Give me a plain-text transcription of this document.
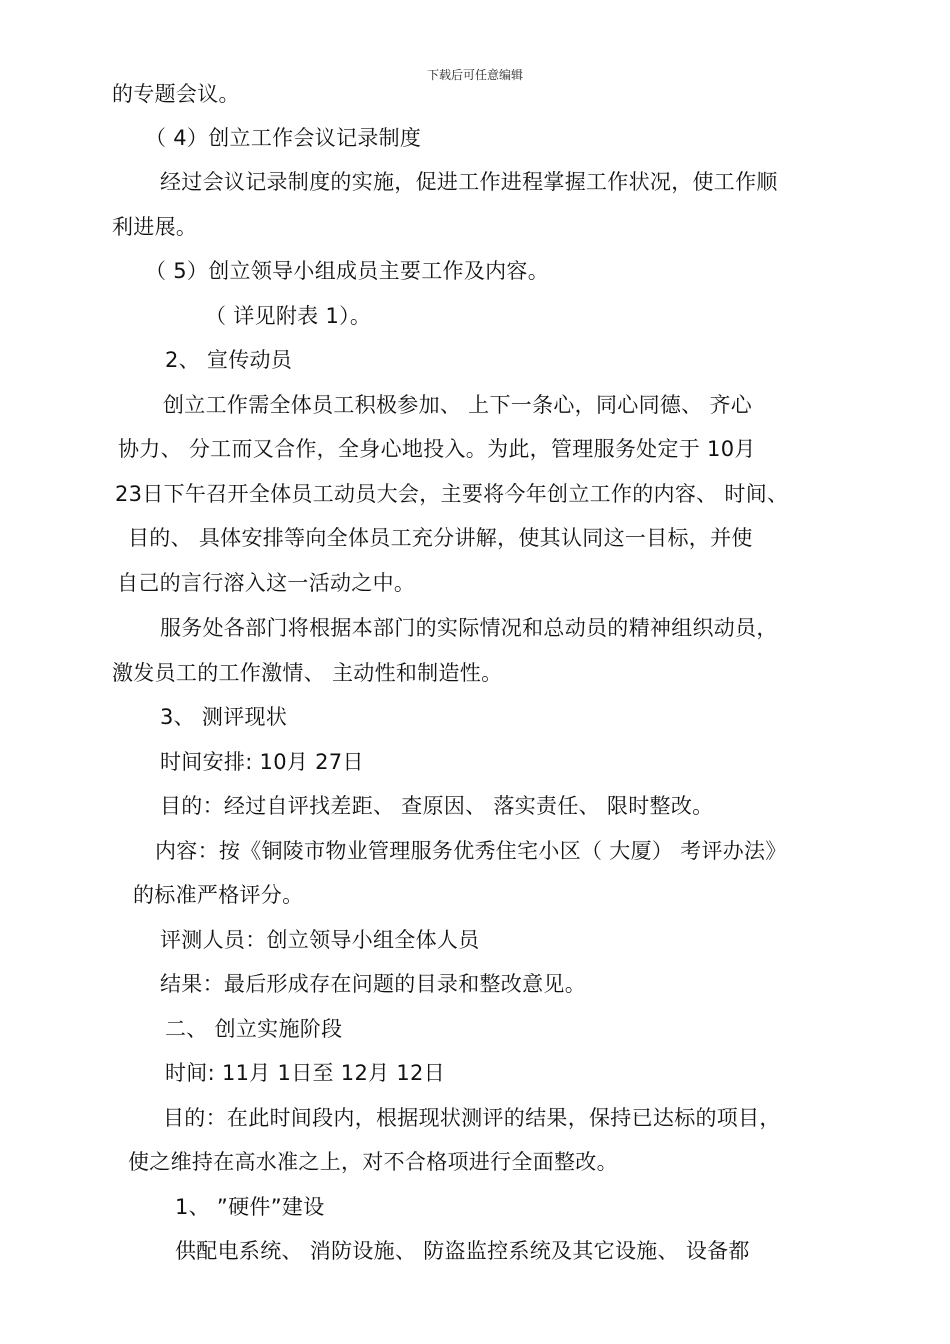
下载后可任意编辑
的专题会议。
（ 4）创立工作会议记录制度
经过会议记录制度的实施，促进工作进程掌握工作状况，使工作顺
利进展。
（ 5）创立领导小组成员主要工作及内容。
（ 详见附表 1）。
2、 宣传动员
创立工作需全体员工积极参加、 上下一条心，同心同德、 齐心
协力、 分工而又合作，全身心地投入。为此，管理服务处定于 10月
23日下午召开全体员工动员大会，主要将今年创立工作的内容、 时间、
目的、 具体安排等向全体员工充分讲解，使其认同这一目标，并使
自己的言行溶入这一活动之中。
服务处各部门将根据本部门的实际情况和总动员的精神组织动员，
激发员工的工作激情、 主动性和制造性。
3、 测评现状
时间安排: 10月 27日
目的：经过自评找差距、 查原因、 落实责任、 限时整改。
内容：按《铜陵市物业管理服务优秀住宅小区（ 大厦） 考评办法》
的标准严格评分。
评测人员：创立领导小组全体人员
结果：最后形成存在问题的目录和整改意见。
二、 创立实施阶段
时间: 11月 1日至 12月 12日
目的：在此时间段内，根据现状测评的结果，保持已达标的项目，
使之维持在高水准之上，对不合格项进行全面整改。
1、 ”硬件”建设
供配电系统、 消防设施、 防盗监控系统及其它设施、 设备都
